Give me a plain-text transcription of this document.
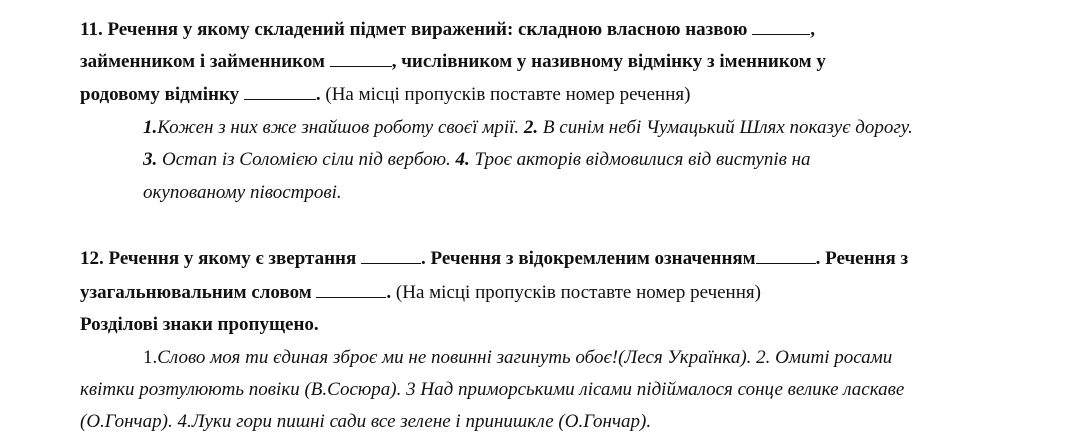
11. Речення у якому складений підмет виражений: складною власною назвою	,
займенником і займенником	, числівником у називному відмінку з іменником у
родовому відмінку	. (На місці пропусків поставте номер речення)
1.Кожен з них вже знайшов роботу своєї мрії. 2. В синім небі Чумацький Шлях показує дорогу.
3. Остап із Соломією сіли під вербою. 4. Троє акторів відмовилися від виступів на
окупованому півострові.
12. Речення у якому є звертання	. Речення з відокремленим означенням	. Речення з
узагальнювальним словом	. (На місці пропусків поставте номер речення)
Розділові знаки пропущено.
1.Слово моя ти єдиная зброє ми не повинні загинуть обоє!(Леся Українка). 2. Омиті росами
квітки розтулюють повіки (В.Сосюра). 3 Над приморськими лісами підіймалося сонце велике ласкаве
(О.Гончар). 4.Луки гори пишні сади все зелене і принишкле (О.Гончар).
